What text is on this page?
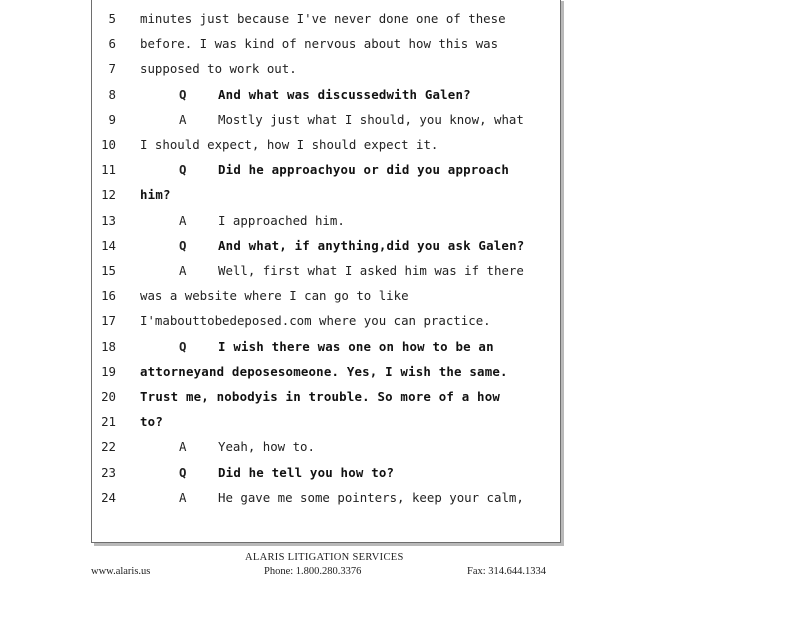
5 minutes just because I've never done one of these
6 before. I was kind of nervous about how this was
7 supposed to work out.
8	Q	And what was discussedwith Galen?
9	A	Mostly just what I should, you know, what
10 I should expect, how I should expect it.
11	Q	Did he approachyou or did you approach
12 him?
13	A	I approached him.
14	Q	And what, if anything,did you ask Galen?
15	A	Well, first what I asked him was if there
16 was a website where I can go to like
17 I'mabouttobedeposed.com where you can practice.
18	Q	I wish there was one on how to be an
19 attorneyand deposesomeone. Yes, I wish the same.
20 Trust me, nobodyis in trouble. So more of a how
21 to?
22	A	Yeah, how to.
23	Q	Did he tell you how to?
24	A	He gave me some pointers, keep your calm,
ALARIS LITIGATION SERVICES
www.alaris.us	Phone: 1.800.280.3376	Fax: 314.644.1334
